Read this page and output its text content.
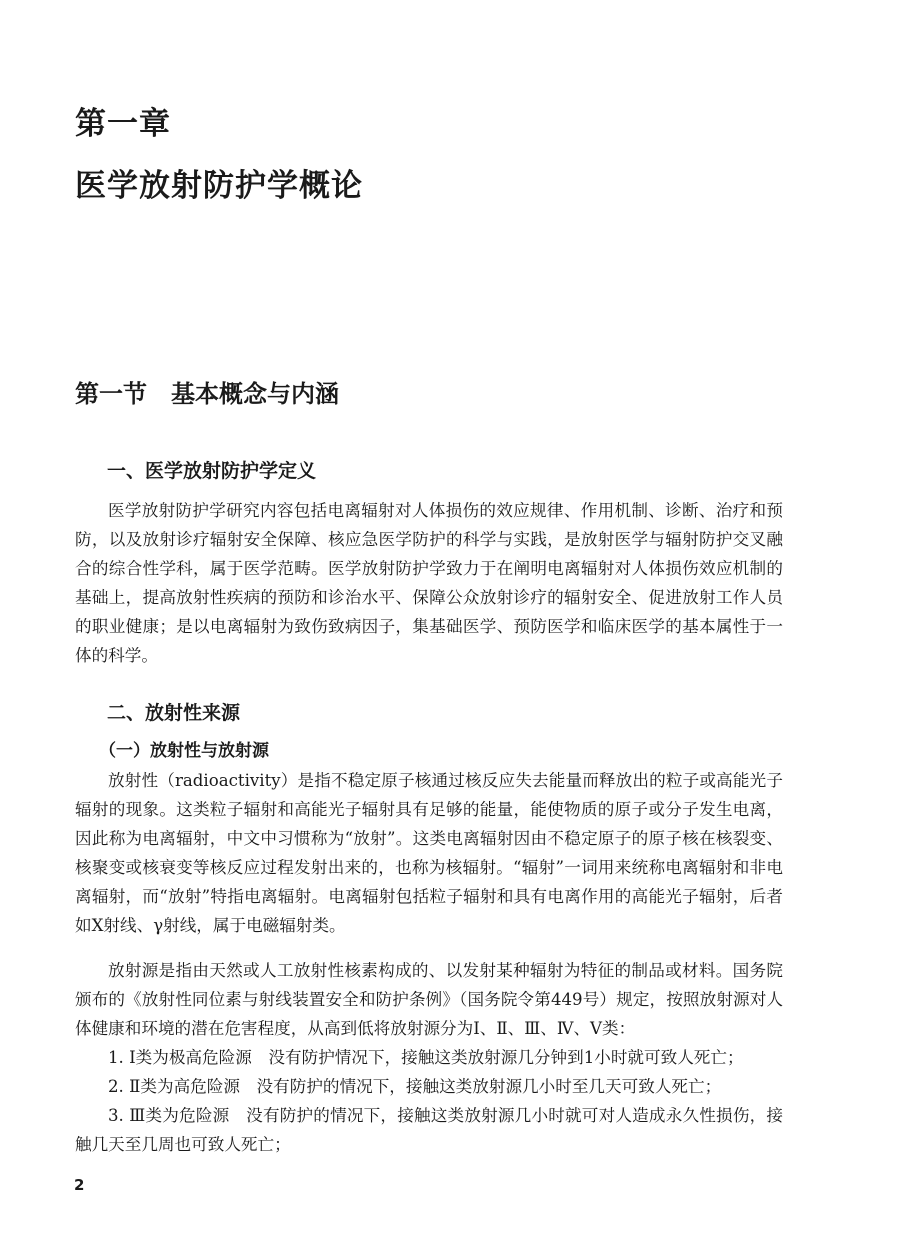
第一章
医学放射防护学概论
第一节　基本概念与内涵
一、医学放射防护学定义

医学放射防护学研究内容包括电离辐射对人体损伤的效应规律、作用机制、诊断、治疗和预防，以及放射诊疗辐射安全保障、核应急医学防护的科学与实践，是放射医学与辐射防护交叉融合的综合性学科，属于医学范畴。医学放射防护学致力于在阐明电离辐射对人体损伤效应机制的基础上，提高放射性疾病的预防和诊治水平、保障公众放射诊疗的辐射安全、促进放射工作人员的职业健康；是以电离辐射为致伤致病因子，集基础医学、预防医学和临床医学的基本属性于一体的科学。

二、放射性来源
（一）放射性与放射源

放射性（radioactivity）是指不稳定原子核通过核反应失去能量而释放出的粒子或高能光子辐射的现象。这类粒子辐射和高能光子辐射具有足够的能量，能使物质的原子或分子发生电离，因此称为电离辐射，中文中习惯称为“放射”。这类电离辐射因由不稳定原子的原子核在核裂变、核聚变或核衰变等核反应过程发射出来的，也称为核辐射。“辐射”一词用来统称电离辐射和非电离辐射，而“放射”特指电离辐射。电离辐射包括粒子辐射和具有电离作用的高能光子辐射，后者如X射线、γ射线，属于电磁辐射类。

放射源是指由天然或人工放射性核素构成的、以发射某种辐射为特征的制品或材料。国务院颁布的《放射性同位素与射线装置安全和防护条例》（国务院令第449号）规定，按照放射源对人体健康和环境的潜在危害程度，从高到低将放射源分为Ⅰ、Ⅱ、Ⅲ、Ⅳ、Ⅴ类：

1. Ⅰ类为极高危险源　没有防护情况下，接触这类放射源几分钟到1小时就可致人死亡；

2. Ⅱ类为高危险源　没有防护的情况下，接触这类放射源几小时至几天可致人死亡；

3. Ⅲ类为危险源　没有防护的情况下，接触这类放射源几小时就可对人造成永久性损伤，接触几天至几周也可致人死亡；

2
